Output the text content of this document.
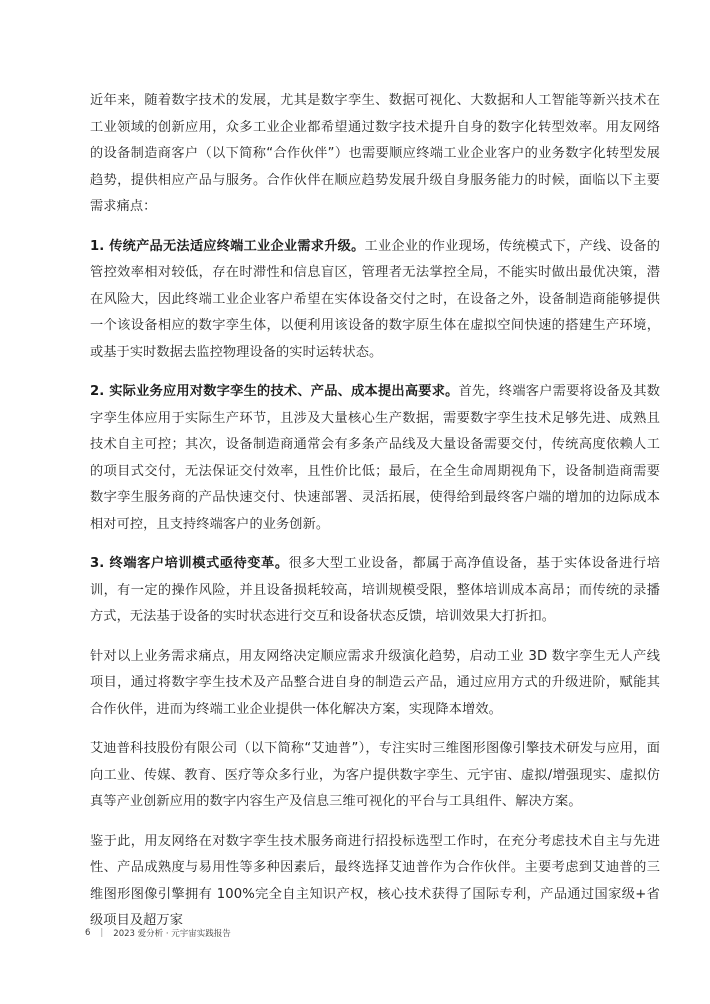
近年来，随着数字技术的发展，尤其是数字孪生、数据可视化、大数据和人工智能等新兴技术在工业领域的创新应用，众多工业企业都希望通过数字技术提升自身的数字化转型效率。用友网络的设备制造商客户（以下简称“合作伙伴”）也需要顺应终端工业企业客户的业务数字化转型发展趋势，提供相应产品与服务。合作伙伴在顺应趋势发展升级自身服务能力的时候，面临以下主要需求痛点：

1. 传统产品无法适应终端工业企业需求升级。工业企业的作业现场，传统模式下，产线、设备的管控效率相对较低，存在时滞性和信息盲区，管理者无法掌控全局，不能实时做出最优决策，潜在风险大，因此终端工业企业客户希望在实体设备交付之时，在设备之外，设备制造商能够提供一个该设备相应的数字孪生体，以便利用该设备的数字原生体在虚拟空间快速的搭建生产环境，或基于实时数据去监控物理设备的实时运转状态。

2. 实际业务应用对数字孪生的技术、产品、成本提出高要求。首先，终端客户需要将设备及其数字孪生体应用于实际生产环节，且涉及大量核心生产数据，需要数字孪生技术足够先进、成熟且技术自主可控；其次，设备制造商通常会有多条产品线及大量设备需要交付，传统高度依赖人工的项目式交付，无法保证交付效率，且性价比低；最后，在全生命周期视角下，设备制造商需要数字孪生服务商的产品快速交付、快速部署、灵活拓展，使得给到最终客户端的增加的边际成本相对可控，且支持终端客户的业务创新。

3. 终端客户培训模式亟待变革。很多大型工业设备，都属于高净值设备，基于实体设备进行培训，有一定的操作风险，并且设备损耗较高，培训规模受限，整体培训成本高昂；而传统的录播方式，无法基于设备的实时状态进行交互和设备状态反馈，培训效果大打折扣。

针对以上业务需求痛点，用友网络决定顺应需求升级演化趋势，启动工业 3D 数字孪生无人产线项目，通过将数字孪生技术及产品整合进自身的制造云产品，通过应用方式的升级进阶，赋能其合作伙伴，进而为终端工业企业提供一体化解决方案，实现降本增效。

艾迪普科技股份有限公司（以下简称“艾迪普”），专注实时三维图形图像引擎技术研发与应用，面向工业、传媒、教育、医疗等众多行业，为客户提供数字孪生、元宇宙、虚拟/增强现实、虚拟仿真等产业创新应用的数字内容生产及信息三维可视化的平台与工具组件、解决方案。

鉴于此，用友网络在对数字孪生技术服务商进行招投标选型工作时，在充分考虑技术自主与先进性、产品成熟度与易用性等多种因素后，最终选择艾迪普作为合作伙伴。主要考虑到艾迪普的三维图形图像引擎拥有 100%完全自主知识产权，核心技术获得了国际专利，产品通过国家级+省级项目及超万家

6 | 2023 爱分析 · 元宇宙实践报告
